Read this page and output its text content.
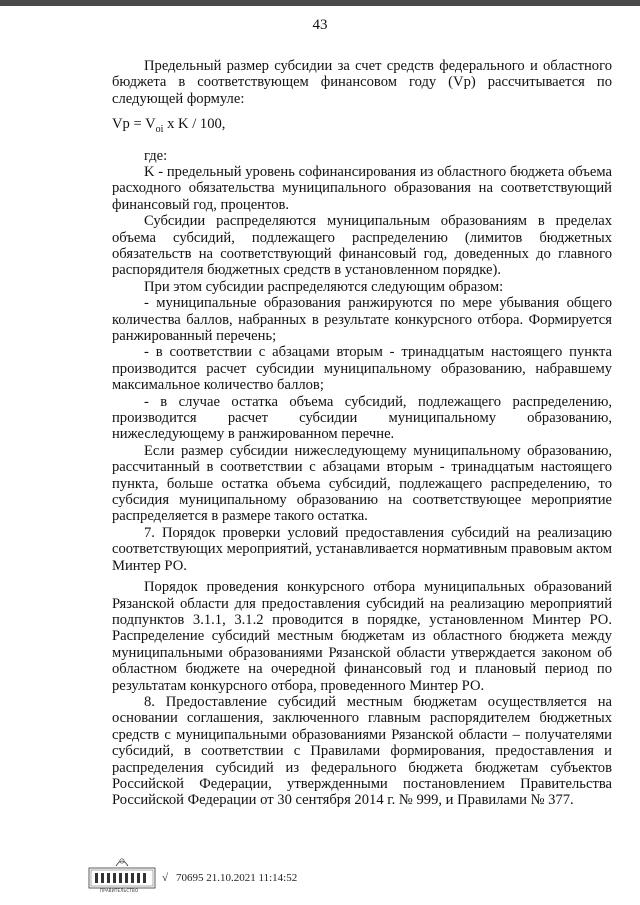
43

Предельный размер субсидии за счет средств федерального и областного бюджета в соответствующем финансовом году (Vp) рассчитывается по следующей формуле:

$Vp = V_{oi}$ x K / 100,

где:

K - предельный уровень софинансирования из областного бюджета объема расходного обязательства муниципального образования на соответствующий финансовый год, процентов.

Субсидии распределяются муниципальным образованиям в пределах объема субсидий, подлежащего распределению (лимитов бюджетных обязательств на соответствующий финансовый год, доведенных до главного распорядителя бюджетных средств в установленном порядке).

При этом субсидии распределяются следующим образом:

- муниципальные образования ранжируются по мере убывания общего количества баллов, набранных в результате конкурсного отбора. Формируется ранжированный перечень;

- в соответствии с абзацами вторым - тринадцатым настоящего пункта производится расчет субсидии муниципальному образованию, набравшему максимальное количество баллов;

- в случае остатка объема субсидий, подлежащего распределению, производится расчет субсидии муниципальному образованию, нижеследующему в ранжированном перечне.

Если размер субсидии нижеследующему муниципальному образованию, рассчитанный в соответствии с абзацами вторым - тринадцатым настоящего пункта, больше остатка объема субсидий, подлежащего распределению, то субсидия муниципальному образованию на соответствующее мероприятие распределяется в размере такого остатка.

7. Порядок проверки условий предоставления субсидий на реализацию соответствующих мероприятий, устанавливается нормативным правовым актом Минтер РО.

Порядок проведения конкурсного отбора муниципальных образований Рязанской области для предоставления субсидий на реализацию мероприятий подпунктов 3.1.1, 3.1.2 проводится в порядке, установленном Минтер РО. Распределение субсидий местным бюджетам из областного бюджета между муниципальными образованиями Рязанской области утверждается законом об областном бюджете на очередной финансовый год и плановый период по результатам конкурсного отбора, проведенного Минтер РО.

8. Предоставление субсидий местным бюджетам осуществляется на основании соглашения, заключенного главным распорядителем бюджетных средств с муниципальными образованиями Рязанской области – получателями субсидий, в соответствии с Правилами формирования, предоставления и распределения субсидий из федерального бюджета бюджетам субъектов Российской Федерации, утвержденными постановлением Правительства Российской Федерации от 30 сентября 2014 г. № 999, и Правилами № 377.

ПРАВИТЕЛЬСТВО
√ 70695 21.10.2021 11:14:52
